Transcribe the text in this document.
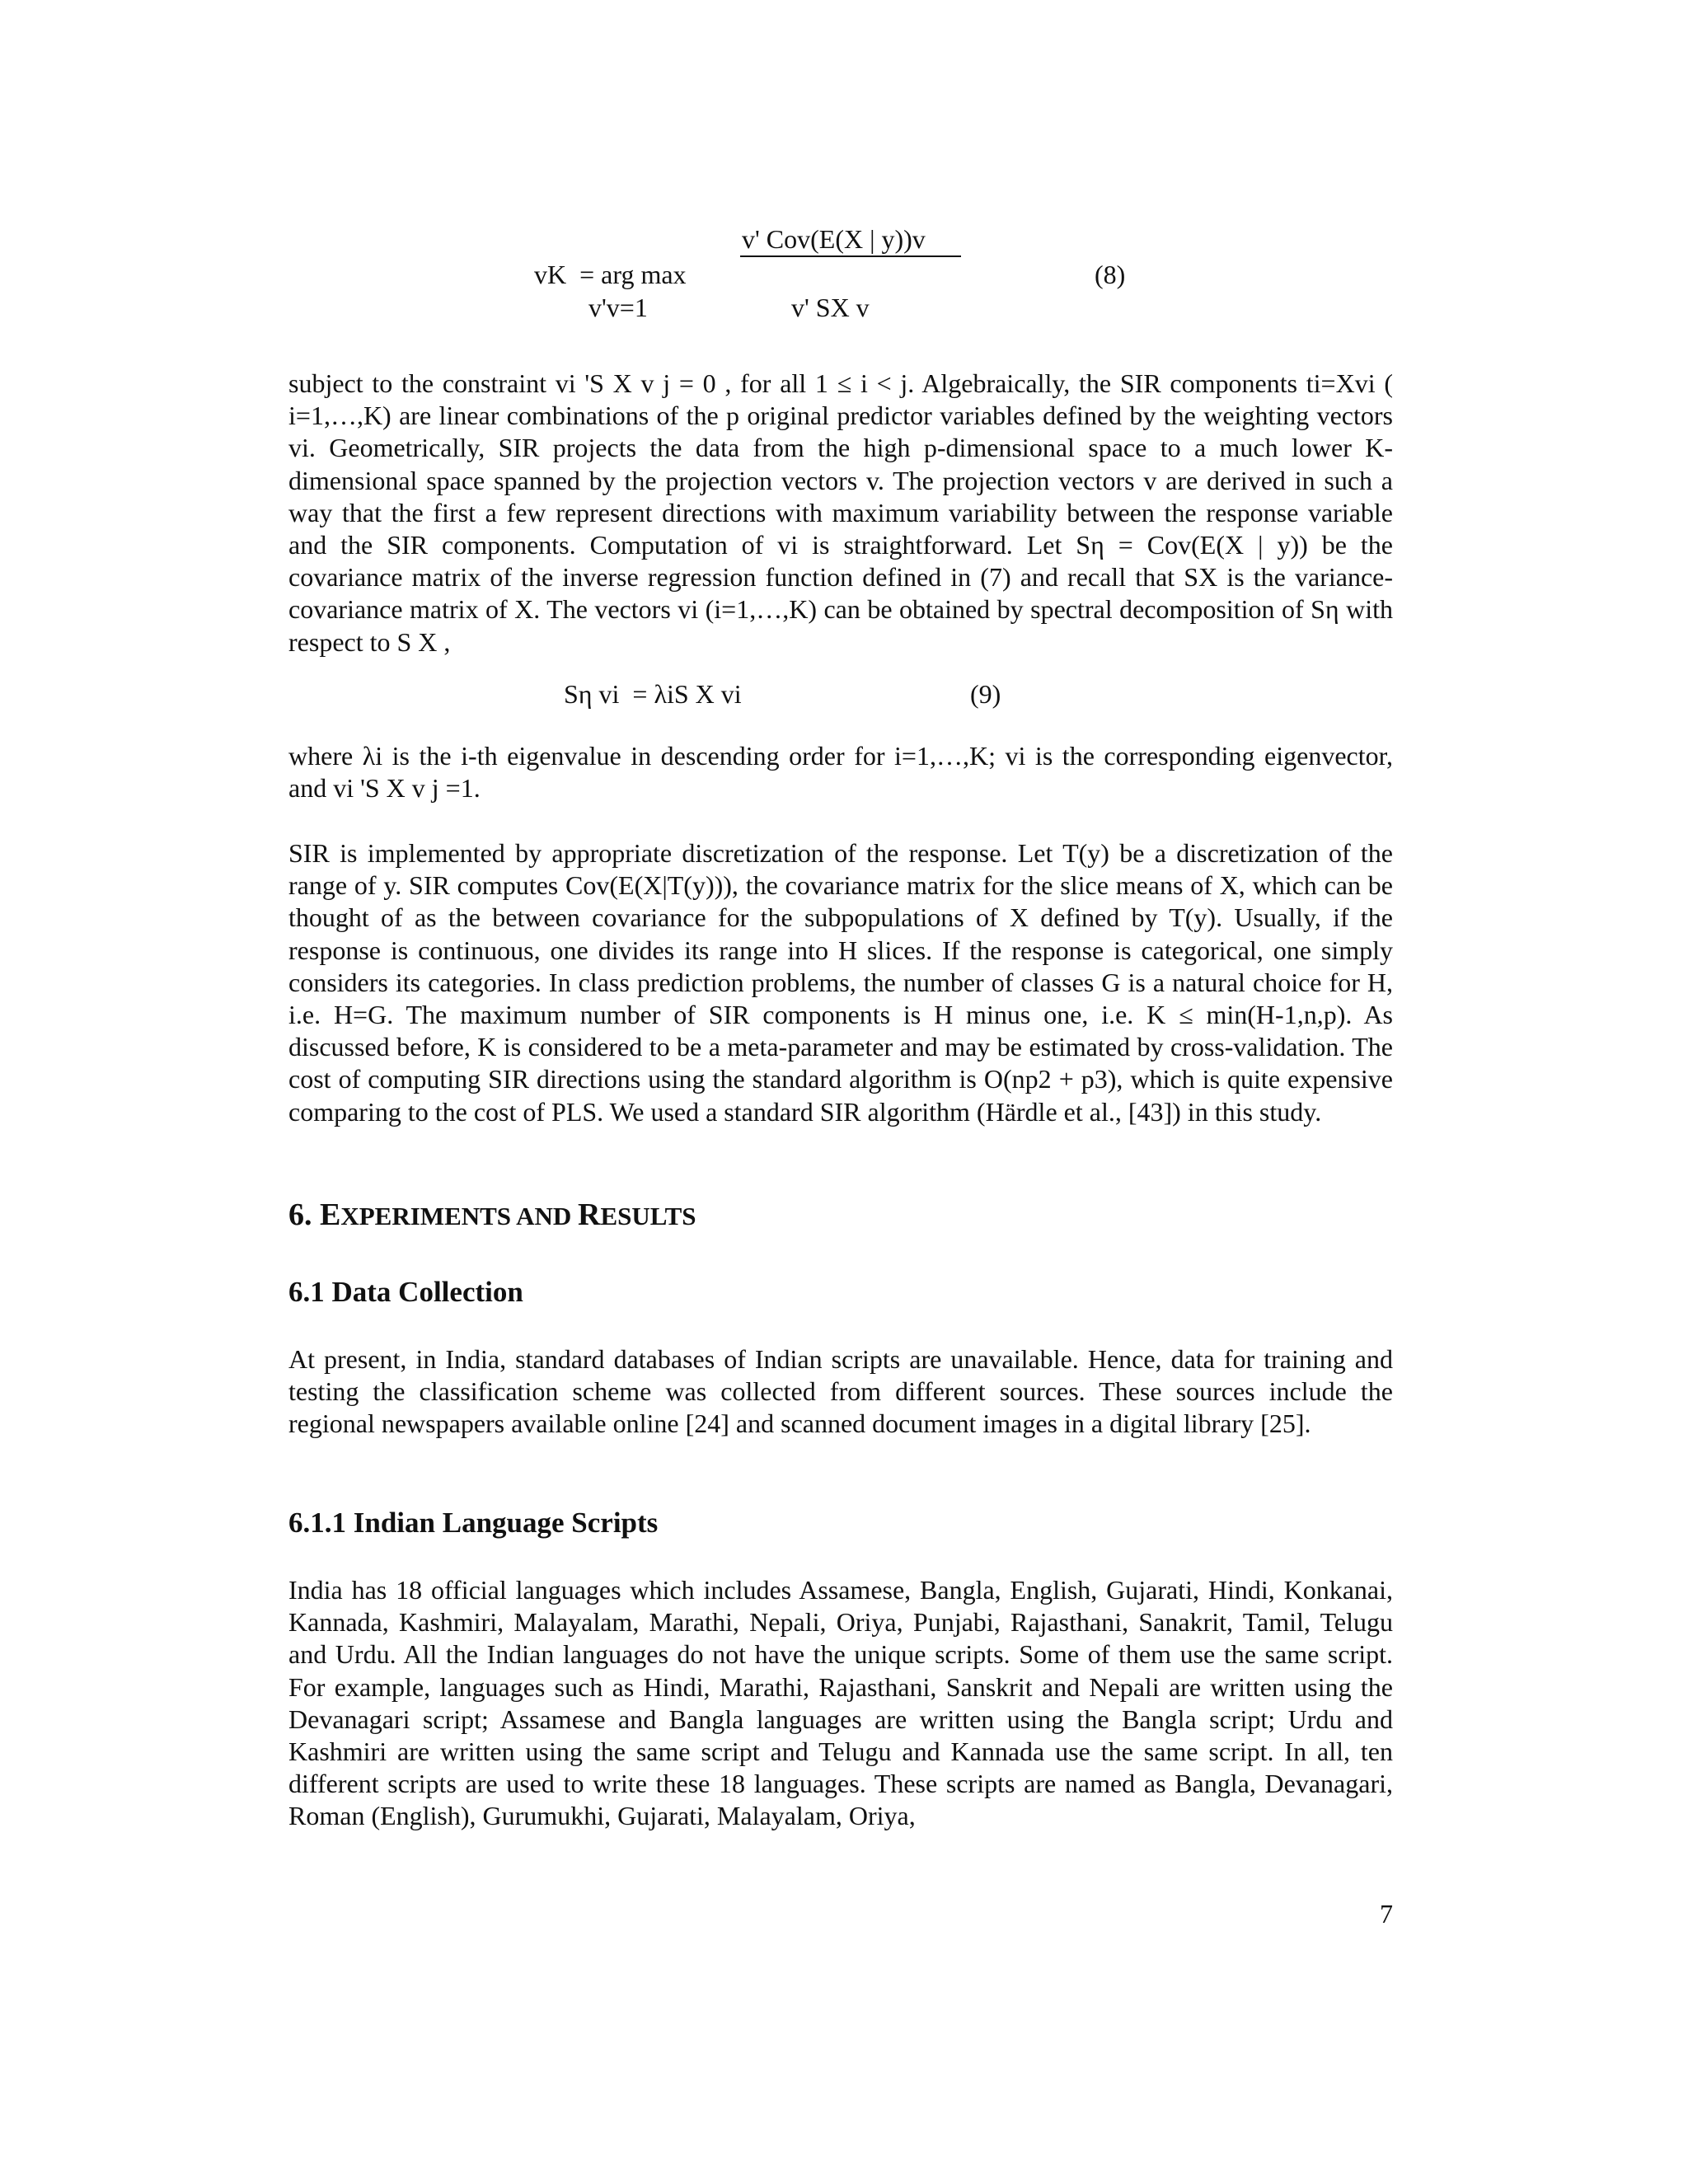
v' Cov(E(X | y))v
vK  = arg max	(8)
v' SX v
v'v=1

subject to the constraint vi 'S X v j = 0 , for all 1 ≤ i < j. Algebraically, the SIR components ti=Xvi ( i=1,…,K) are linear combinations of the p original predictor variables defined by the weighting vectors vi. Geometrically, SIR projects the data from the high p-dimensional space to a much lower K-dimensional space spanned by the projection vectors v. The projection vectors v are derived in such a way that the first a few represent directions with maximum variability between the response variable and the SIR components. Computation of vi is straightforward. Let Sη = Cov(E(X | y)) be the covariance matrix of the inverse regression function defined in (7) and recall that SX is the variance-covariance matrix of X. The vectors vi (i=1,…,K) can be obtained by spectral decomposition of Sη with respect to S X ,

Sη vi  = λiS X vi	(9)

where λi is the i-th eigenvalue in descending order for i=1,…,K; vi is the corresponding eigenvector, and vi 'S X v j =1.

SIR is implemented by appropriate discretization of the response. Let T(y) be a discretization of the range of y. SIR computes Cov(E(X|T(y))), the covariance matrix for the slice means of X, which can be thought of as the between covariance for the subpopulations of X defined by T(y). Usually, if the response is continuous, one divides its range into H slices. If the response is categorical, one simply considers its categories. In class prediction problems, the number of classes G is a natural choice for H, i.e. H=G. The maximum number of SIR components is H minus one, i.e. K ≤ min(H-1,n,p). As discussed before, K is considered to be a meta-parameter and may be estimated by cross-validation. The cost of computing SIR directions using the standard algorithm is O(np2 + p3), which is quite expensive comparing to the cost of PLS. We used a standard SIR algorithm (Härdle et al., [43]) in this study.

6. EXPERIMENTS AND RESULTS
6.1 Data Collection

At present, in India, standard databases of Indian scripts are unavailable. Hence, data for training and testing the classification scheme was collected from different sources. These sources include the regional newspapers available online [24] and scanned document images in a digital library [25].

6.1.1 Indian Language Scripts

India has 18 official languages which includes Assamese, Bangla, English, Gujarati, Hindi, Konkanai, Kannada, Kashmiri, Malayalam, Marathi, Nepali, Oriya, Punjabi, Rajasthani, Sanakrit, Tamil, Telugu and Urdu. All the Indian languages do not have the unique scripts. Some of them use the same script. For example, languages such as Hindi, Marathi, Rajasthani, Sanskrit and Nepali are written using the Devanagari script; Assamese and Bangla languages are written using the Bangla script; Urdu and Kashmiri are written using the same script and Telugu and Kannada use the same script. In all, ten different scripts are used to write these 18 languages. These scripts are named as Bangla, Devanagari, Roman (English), Gurumukhi, Gujarati, Malayalam, Oriya,

7
